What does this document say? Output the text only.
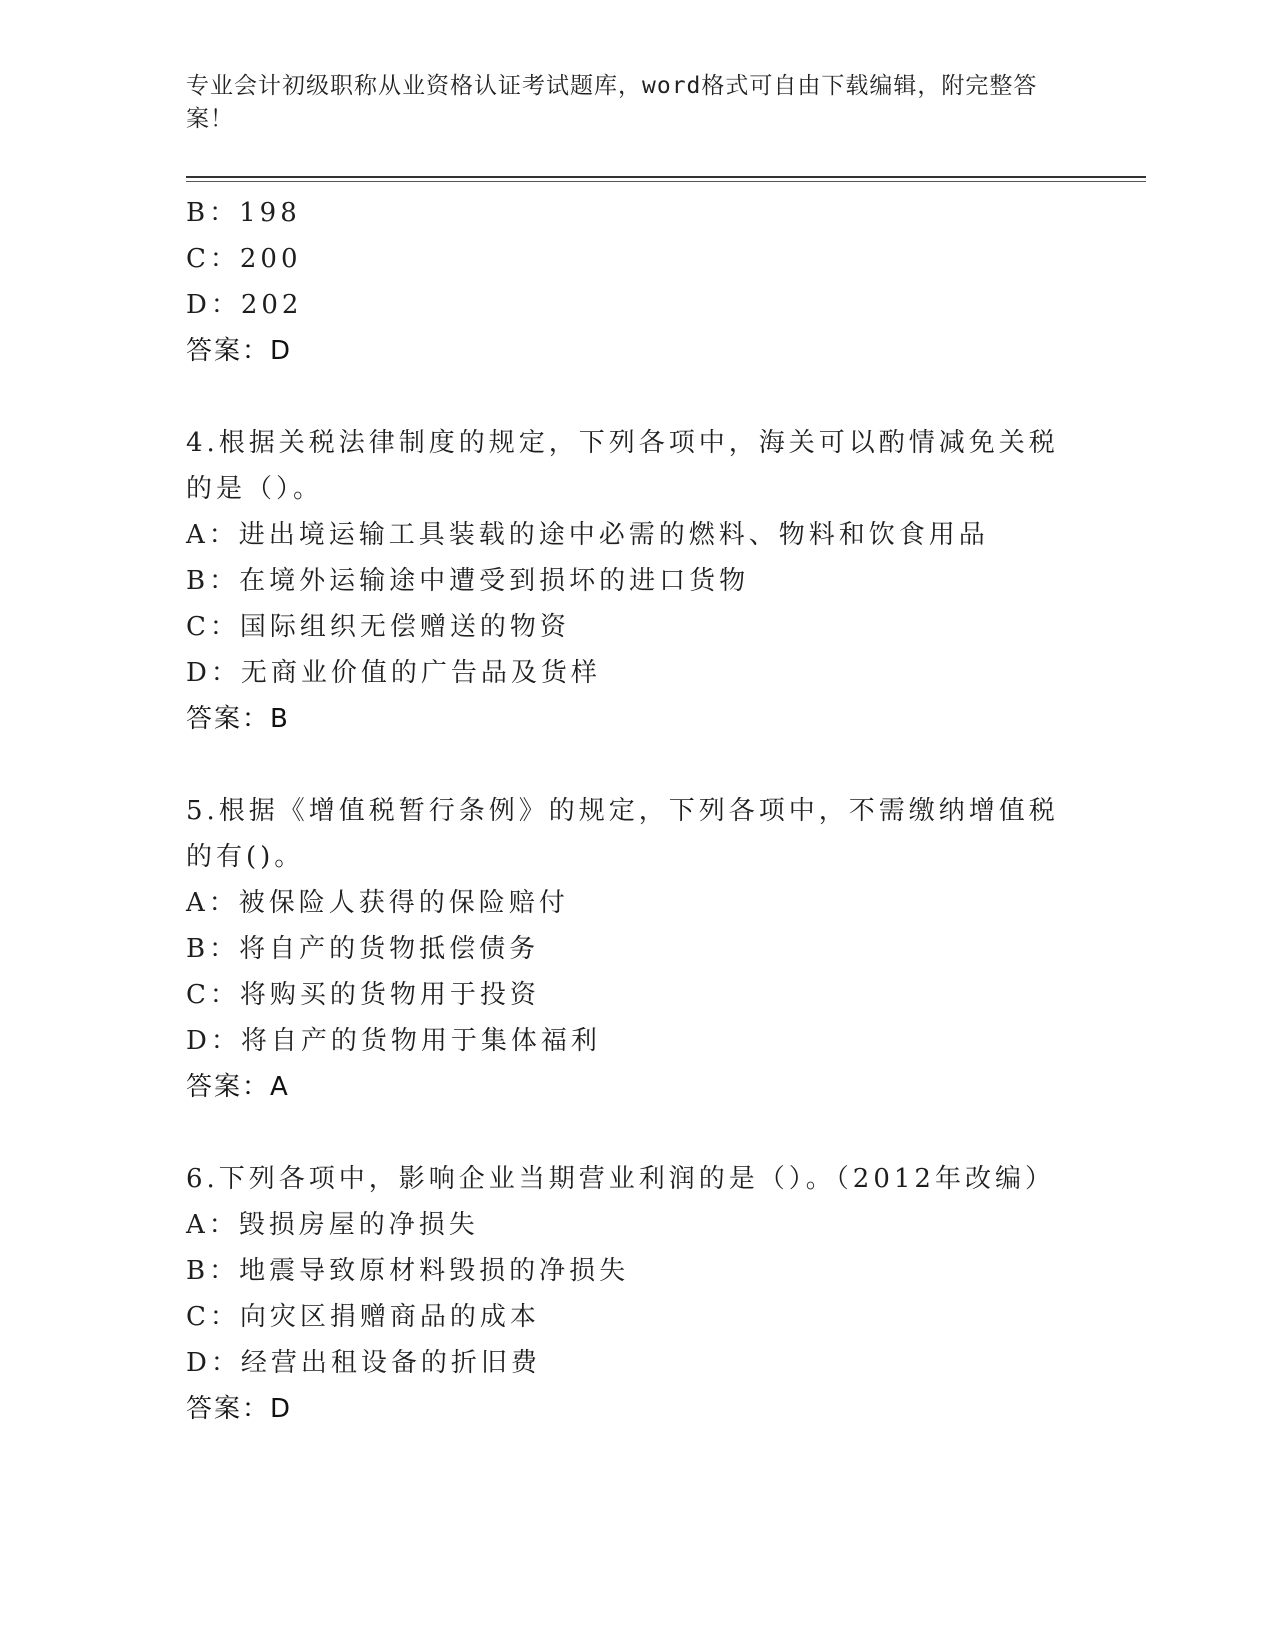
专业会计初级职称从业资格认证考试题库，word格式可自由下载编辑，附完整答案！
B：198
C：200
D：202
答案：D
4.根据关税法律制度的规定，下列各项中，海关可以酌情减免关税的是（）。
A：进出境运输工具装载的途中必需的燃料、物料和饮食用品
B：在境外运输途中遭受到损坏的进口货物
C：国际组织无偿赠送的物资
D：无商业价值的广告品及货样
答案：B
5.根据《增值税暂行条例》的规定，下列各项中，不需缴纳增值税的有()。
A：被保险人获得的保险赔付
B：将自产的货物抵偿债务
C：将购买的货物用于投资
D：将自产的货物用于集体福利
答案：A
6.下列各项中，影响企业当期营业利润的是（）。（2012年改编）
A：毁损房屋的净损失
B：地震导致原材料毁损的净损失
C：向灾区捐赠商品的成本
D：经营出租设备的折旧费
答案：D
